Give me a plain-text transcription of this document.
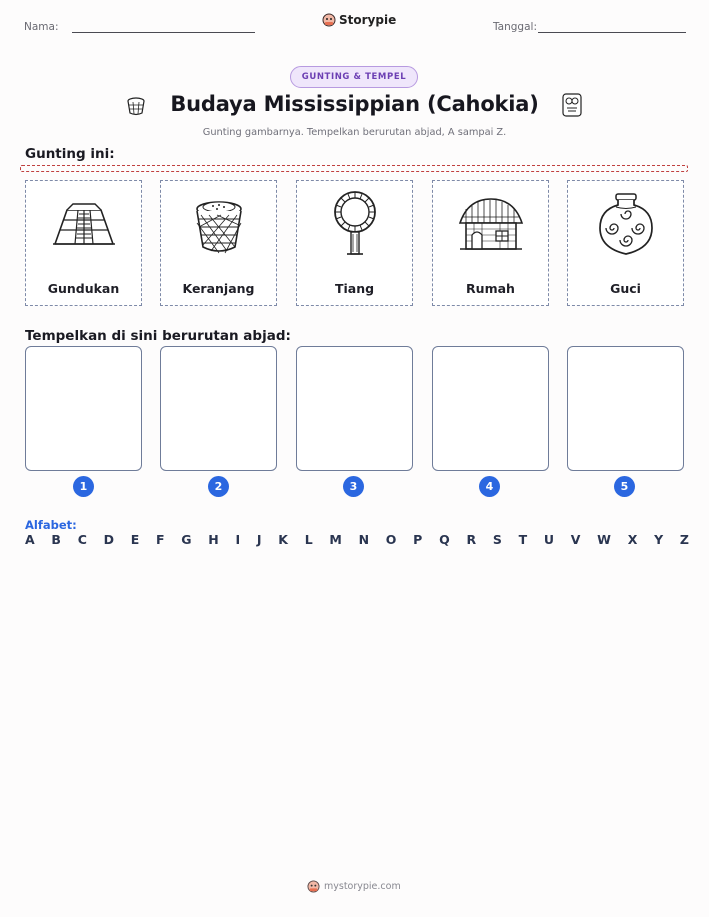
Nama:	Storypie	Tanggal:
GUNTING & TEMPEL
Budaya Mississippian (Cahokia)
Gunting gambarnya. Tempelkan berurutan abjad, A sampai Z.
Gunting ini:
Gundukan	Keranjang	Tiang	Rumah	Guci
Tempelkan di sini berurutan abjad:
1	2	3	4	5
Alfabet:
A B C D E F G H I J K L M N O P Q R S T U V W X Y Z
mystorypie.com
